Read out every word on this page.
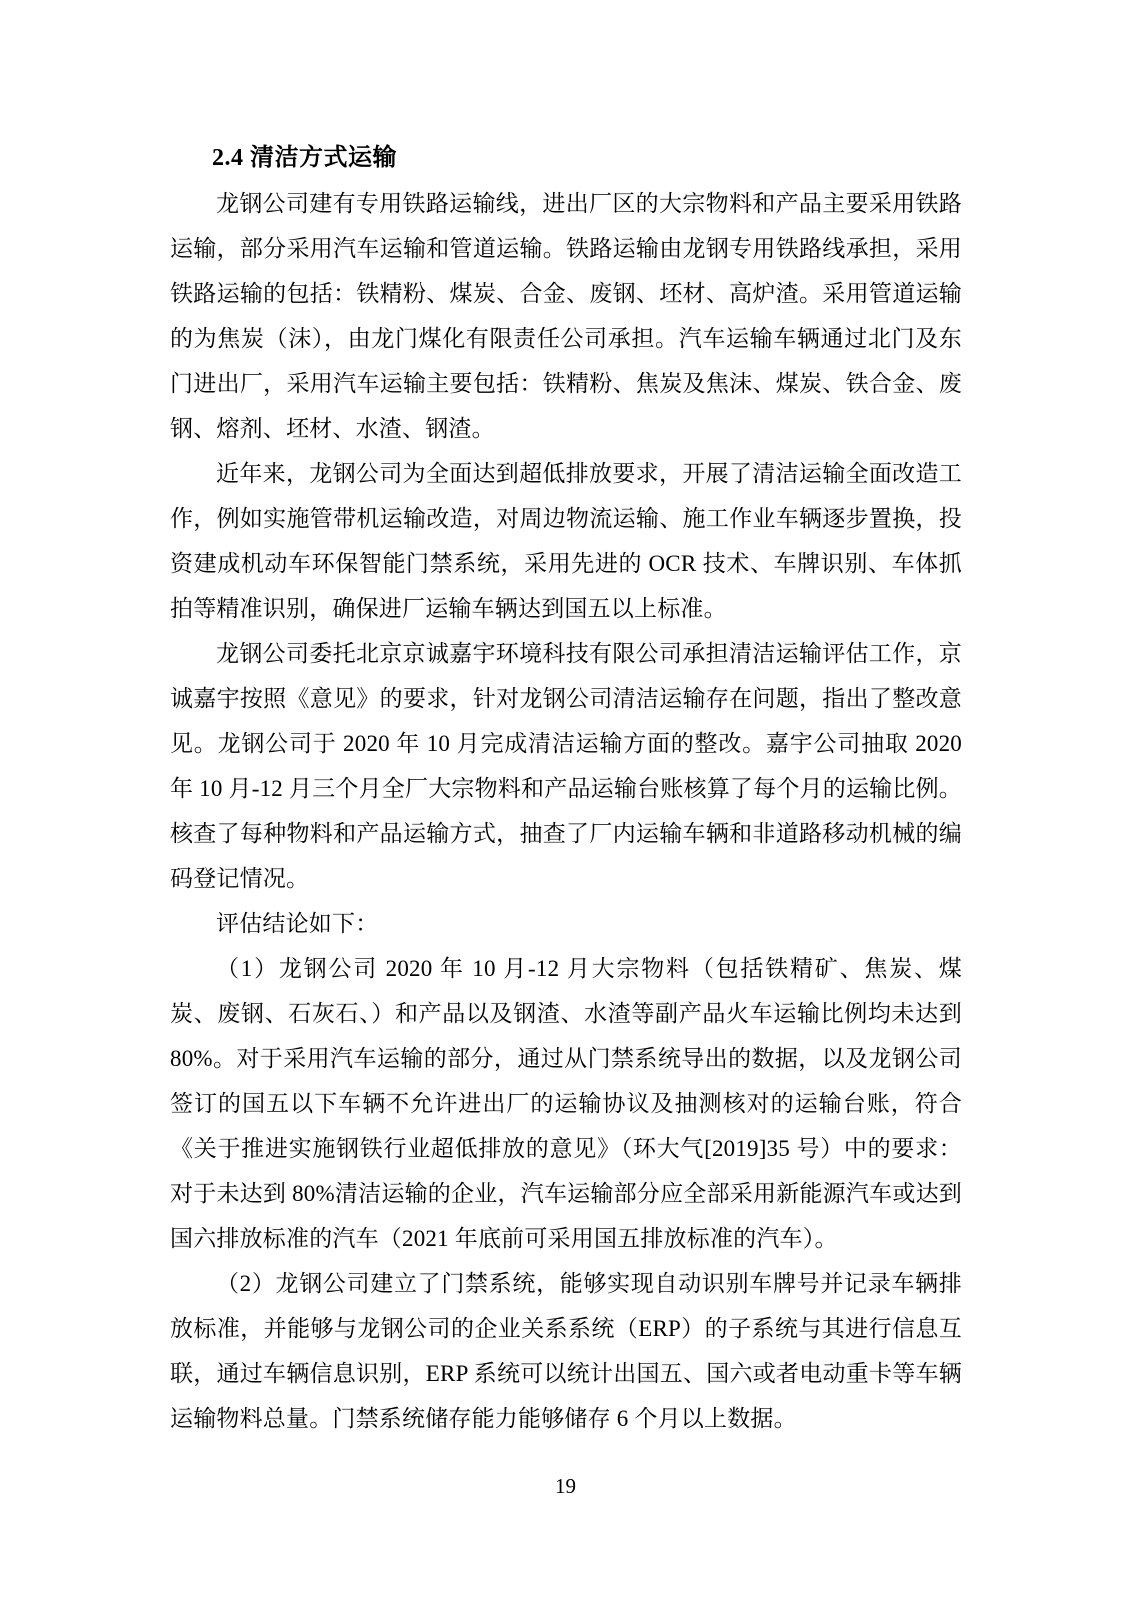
2.4 清洁方式运输

龙钢公司建有专用铁路运输线，进出厂区的大宗物料和产品主要采用铁路运输，部分采用汽车运输和管道运输。铁路运输由龙钢专用铁路线承担，采用铁路运输的包括：铁精粉、煤炭、合金、废钢、坯材、高炉渣。采用管道运输的为焦炭（沫），由龙门煤化有限责任公司承担。汽车运输车辆通过北门及东门进出厂，采用汽车运输主要包括：铁精粉、焦炭及焦沫、煤炭、铁合金、废钢、熔剂、坯材、水渣、钢渣。

近年来，龙钢公司为全面达到超低排放要求，开展了清洁运输全面改造工作，例如实施管带机运输改造，对周边物流运输、施工作业车辆逐步置换，投资建成机动车环保智能门禁系统，采用先进的 OCR 技术、车牌识别、车体抓拍等精准识别，确保进厂运输车辆达到国五以上标准。

龙钢公司委托北京京诚嘉宇环境科技有限公司承担清洁运输评估工作，京诚嘉宇按照《意见》的要求，针对龙钢公司清洁运输存在问题，指出了整改意见。龙钢公司于 2020 年 10 月完成清洁运输方面的整改。嘉宇公司抽取 2020 年 10 月-12 月三个月全厂大宗物料和产品运输台账核算了每个月的运输比例。核查了每种物料和产品运输方式，抽查了厂内运输车辆和非道路移动机械的编码登记情况。

评估结论如下：

（1）龙钢公司 2020 年 10 月-12 月大宗物料（包括铁精矿、焦炭、煤炭、废钢、石灰石、）和产品以及钢渣、水渣等副产品火车运输比例均未达到 80%。对于采用汽车运输的部分，通过从门禁系统导出的数据，以及龙钢公司签订的国五以下车辆不允许进出厂的运输协议及抽测核对的运输台账，符合《关于推进实施钢铁行业超低排放的意见》（环大气[2019]35 号）中的要求：对于未达到 80%清洁运输的企业，汽车运输部分应全部采用新能源汽车或达到国六排放标准的汽车（2021 年底前可采用国五排放标准的汽车）。

（2）龙钢公司建立了门禁系统，能够实现自动识别车牌号并记录车辆排放标准，并能够与龙钢公司的企业关系系统（ERP）的子系统与其进行信息互联，通过车辆信息识别，ERP 系统可以统计出国五、国六或者电动重卡等车辆运输物料总量。门禁系统储存能力能够储存 6 个月以上数据。

19
